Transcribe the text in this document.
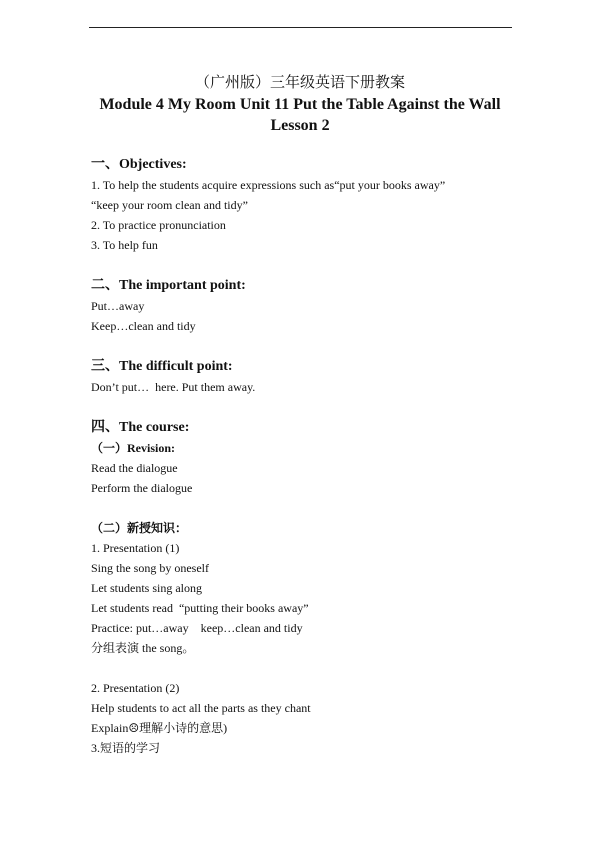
（广州版）三年级英语下册教案
Module 4 My Room Unit 11 Put the Table Against the Wall
Lesson 2
一、Objectives:
1. To help the students acquire expressions such as“put your books away”
“keep your room clean and tidy”
2. To practice pronunciation
3. To help fun
二、The important point:
Put…away
Keep…clean and tidy
三、The difficult point:
Don’t put…  here. Put them away.
四、The course:
（一）Revision:
Read the dialogue
Perform the dialogue
（二）新授知识：
1. Presentation (1)
Sing the song by oneself
Let students sing along
Let students read  “putting their books away”
Practice: put…away    keep…clean and tidy
分组表演 the song。
2. Presentation (2)
Help students to act all the parts as they chant
Explain☹理解小诗的意思)
3.短语的学习
